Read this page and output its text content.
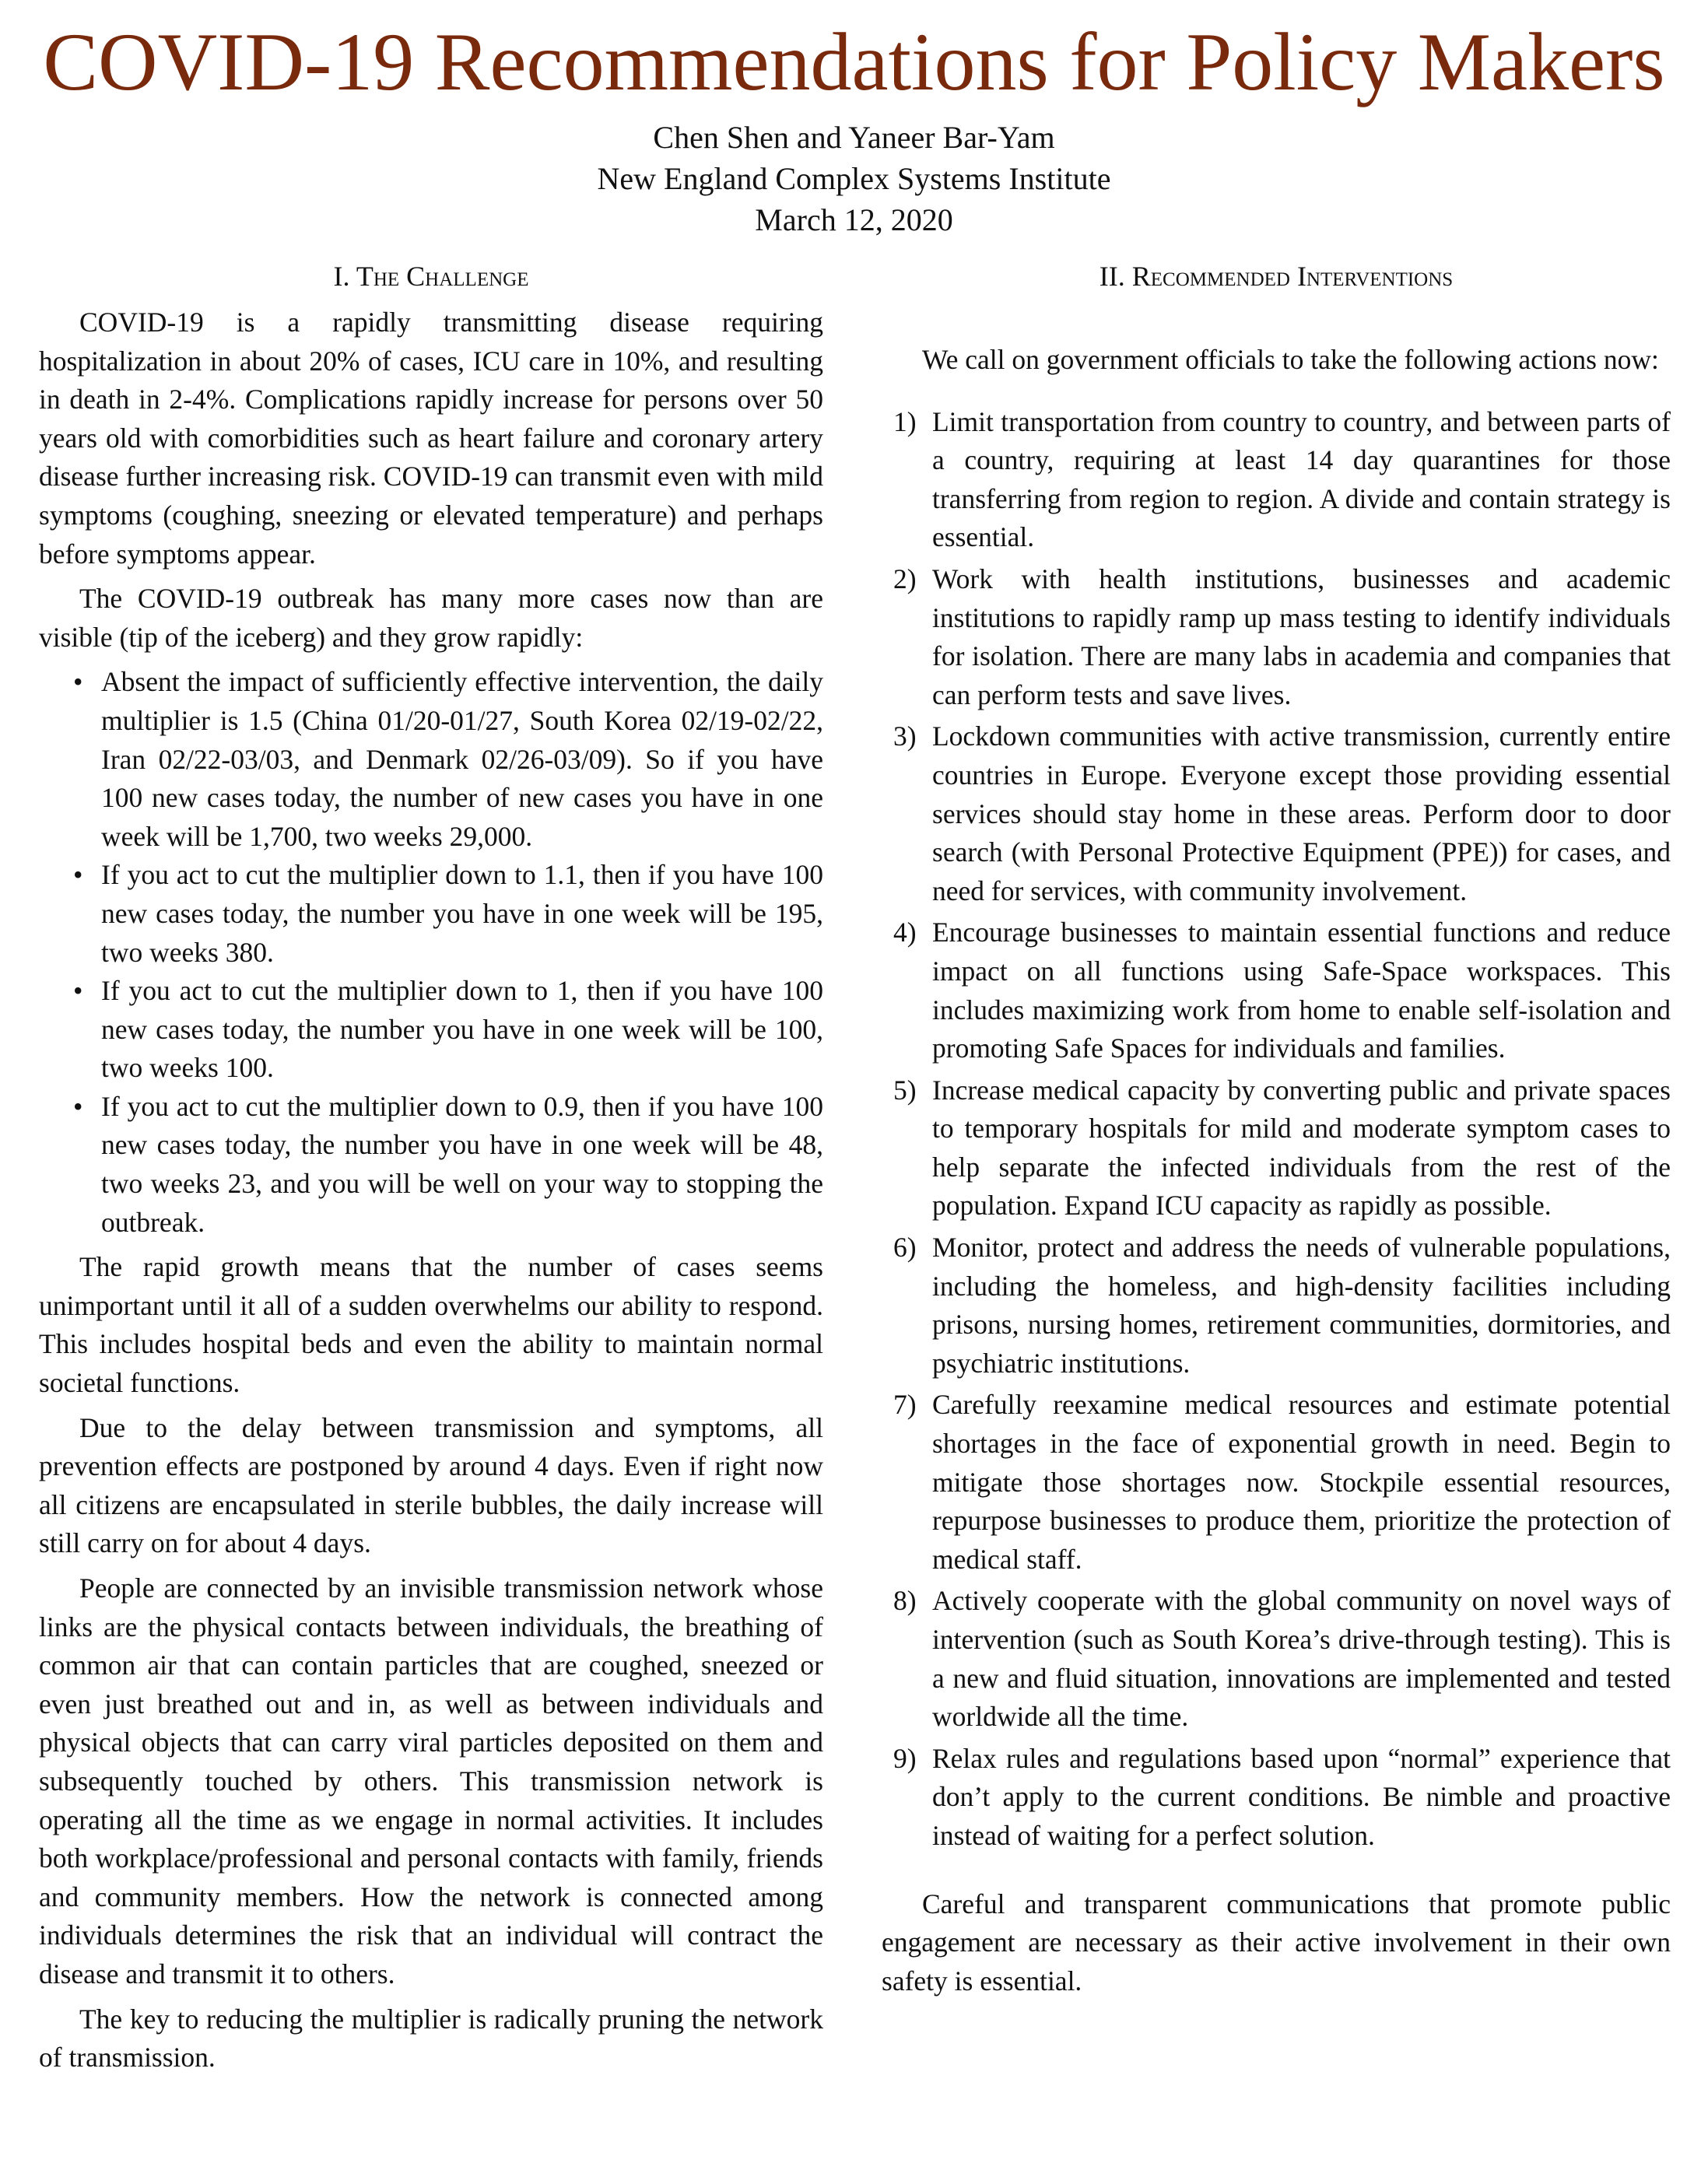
COVID-19 Recommendations for Policy Makers
Chen Shen and Yaneer Bar-Yam
New England Complex Systems Institute
March 12, 2020
I. The Challenge

COVID-19 is a rapidly transmitting disease requiring hospitalization in about 20% of cases, ICU care in 10%, and resulting in death in 2-4%. Complications rapidly increase for persons over 50 years old with comorbidities such as heart failure and coronary artery disease further increasing risk. COVID-19 can transmit even with mild symptoms (coughing, sneezing or elevated temperature) and perhaps before symptoms appear.

The COVID-19 outbreak has many more cases now than are visible (tip of the iceberg) and they grow rapidly:

• Absent the impact of sufficiently effective intervention, the daily multiplier is 1.5 (China 01/20-01/27, South Korea 02/19-02/22, Iran 02/22-03/03, and Denmark 02/26-03/09). So if you have 100 new cases today, the number of new cases you have in one week will be 1,700, two weeks 29,000.
• If you act to cut the multiplier down to 1.1, then if you have 100 new cases today, the number you have in one week will be 195, two weeks 380.
• If you act to cut the multiplier down to 1, then if you have 100 new cases today, the number you have in one week will be 100, two weeks 100.
• If you act to cut the multiplier down to 0.9, then if you have 100 new cases today, the number you have in one week will be 48, two weeks 23, and you will be well on your way to stopping the outbreak.

The rapid growth means that the number of cases seems unimportant until it all of a sudden overwhelms our ability to respond. This includes hospital beds and even the ability to maintain normal societal functions.

Due to the delay between transmission and symptoms, all prevention effects are postponed by around 4 days. Even if right now all citizens are encapsulated in sterile bubbles, the daily increase will still carry on for about 4 days.

People are connected by an invisible transmission network whose links are the physical contacts between individuals, the breathing of common air that can contain particles that are coughed, sneezed or even just breathed out and in, as well as between individuals and physical objects that can carry viral particles deposited on them and subsequently touched by others. This transmission network is operating all the time as we engage in normal activities. It includes both workplace/professional and personal contacts with family, friends and community members. How the network is connected among individuals determines the risk that an individual will contract the disease and transmit it to others.

The key to reducing the multiplier is radically pruning the network of transmission.

II. Recommended Interventions

We call on government officials to take the following actions now:

1) Limit transportation from country to country, and between parts of a country, requiring at least 14 day quarantines for those transferring from region to region. A divide and contain strategy is essential.
2) Work with health institutions, businesses and academic institutions to rapidly ramp up mass testing to identify individuals for isolation. There are many labs in academia and companies that can perform tests and save lives.
3) Lockdown communities with active transmission, currently entire countries in Europe. Everyone except those providing essential services should stay home in these areas. Perform door to door search (with Personal Protective Equipment (PPE)) for cases, and need for services, with community involvement.
4) Encourage businesses to maintain essential functions and reduce impact on all functions using Safe-Space workspaces. This includes maximizing work from home to enable self-isolation and promoting Safe Spaces for individuals and families.
5) Increase medical capacity by converting public and private spaces to temporary hospitals for mild and moderate symptom cases to help separate the infected individuals from the rest of the population. Expand ICU capacity as rapidly as possible.
6) Monitor, protect and address the needs of vulnerable populations, including the homeless, and high-density facilities including prisons, nursing homes, retirement communities, dormitories, and psychiatric institutions.
7) Carefully reexamine medical resources and estimate potential shortages in the face of exponential growth in need. Begin to mitigate those shortages now. Stockpile essential resources, repurpose businesses to produce them, prioritize the protection of medical staff.
8) Actively cooperate with the global community on novel ways of intervention (such as South Korea’s drive-through testing). This is a new and fluid situation, innovations are implemented and tested worldwide all the time.
9) Relax rules and regulations based upon “normal” experience that don’t apply to the current conditions. Be nimble and proactive instead of waiting for a perfect solution.

Careful and transparent communications that promote public engagement are necessary as their active involvement in their own safety is essential.
